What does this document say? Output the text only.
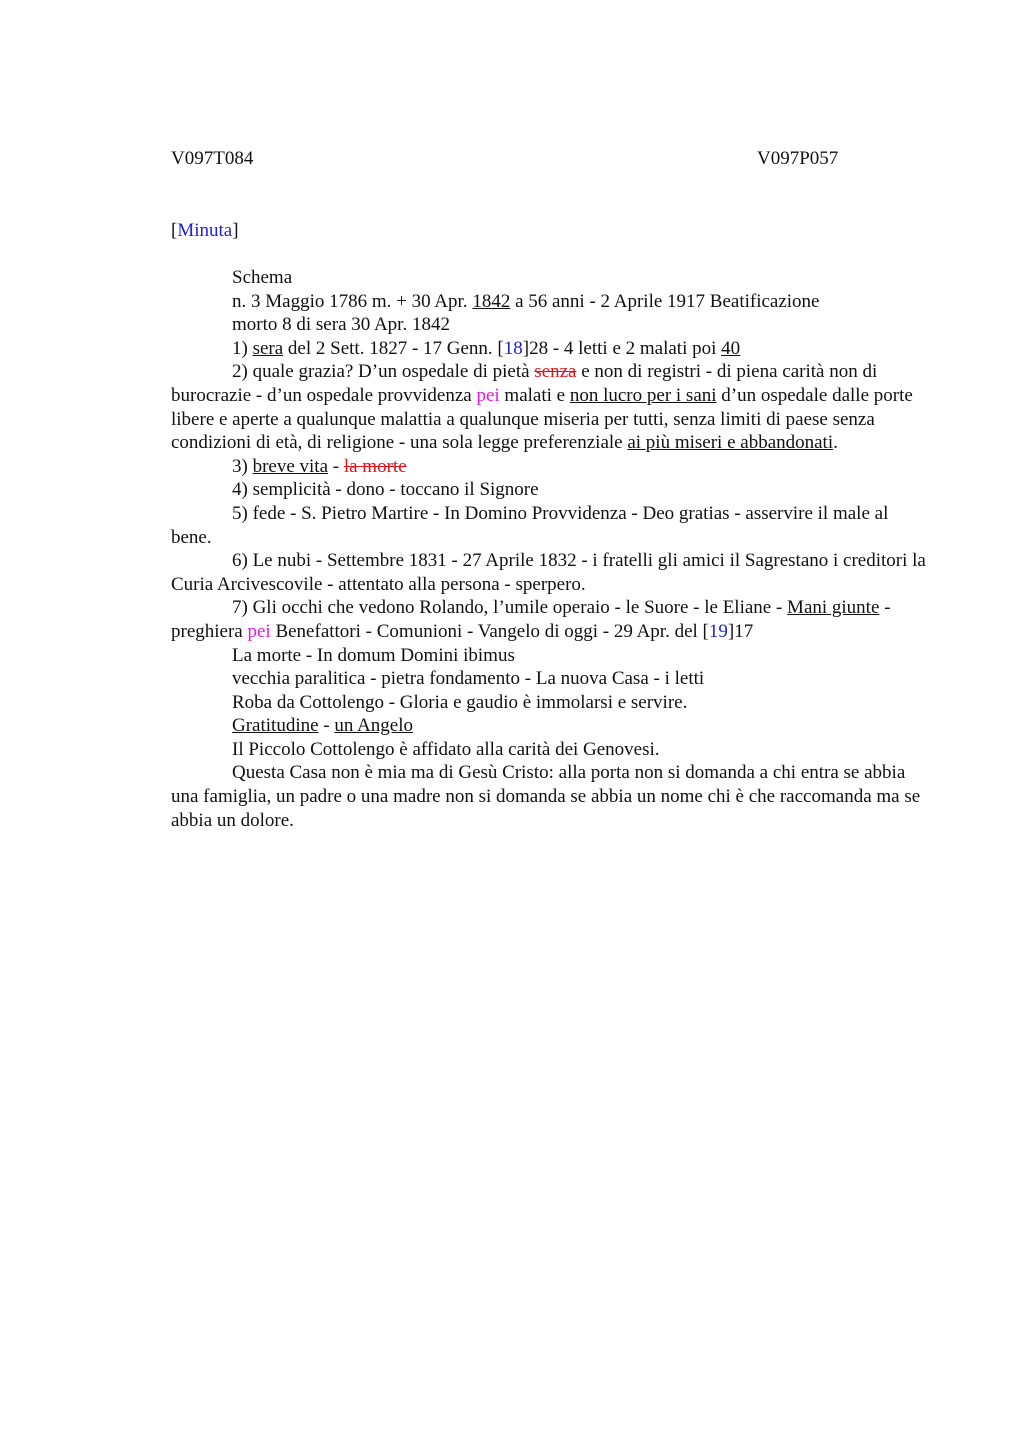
V097T084	V097P057
[Minuta]

Schema

n. 3 Maggio 1786 m. + 30 Apr. 1842 a 56 anni - 2 Aprile 1917 Beatificazione

morto 8 di sera 30 Apr. 1842

1) sera del 2 Sett. 1827 - 17 Genn. [18]28 - 4 letti e 2 malati poi 40

2) quale grazia? D’un ospedale di pietà senza e non di registri - di piena carità non di burocrazie - d’un ospedale provvidenza pei malati e non lucro per i sani d’un ospedale dalle porte libere e aperte a qualunque malattia a qualunque miseria per tutti, senza limiti di paese senza condizioni di età, di religione - una sola legge preferenziale ai più miseri e abbandonati.

3) breve vita - la morte

4) semplicità - dono - toccano il Signore

5) fede - S. Pietro Martire - In Domino Provvidenza - Deo gratias - asservire il male al bene.

6) Le nubi - Settembre 1831 - 27 Aprile 1832 - i fratelli gli amici il Sagrestano i creditori la Curia Arcivescovile - attentato alla persona - sperpero.

7) Gli occhi che vedono Rolando, l’umile operaio - le Suore - le Eliane - Mani giunte - preghiera pei Benefattori - Comunioni - Vangelo di oggi - 29 Apr. del [19]17

La morte - In domum Domini ibimus

vecchia paralitica - pietra fondamento - La nuova Casa - i letti

Roba da Cottolengo - Gloria e gaudio è immolarsi e servire.

Gratitudine - un Angelo

Il Piccolo Cottolengo è affidato alla carità dei Genovesi.

Questa Casa non è mia ma di Gesù Cristo: alla porta non si domanda a chi entra se abbia una famiglia, un padre o una madre non si domanda se abbia un nome chi è che raccomanda ma se abbia un dolore.
